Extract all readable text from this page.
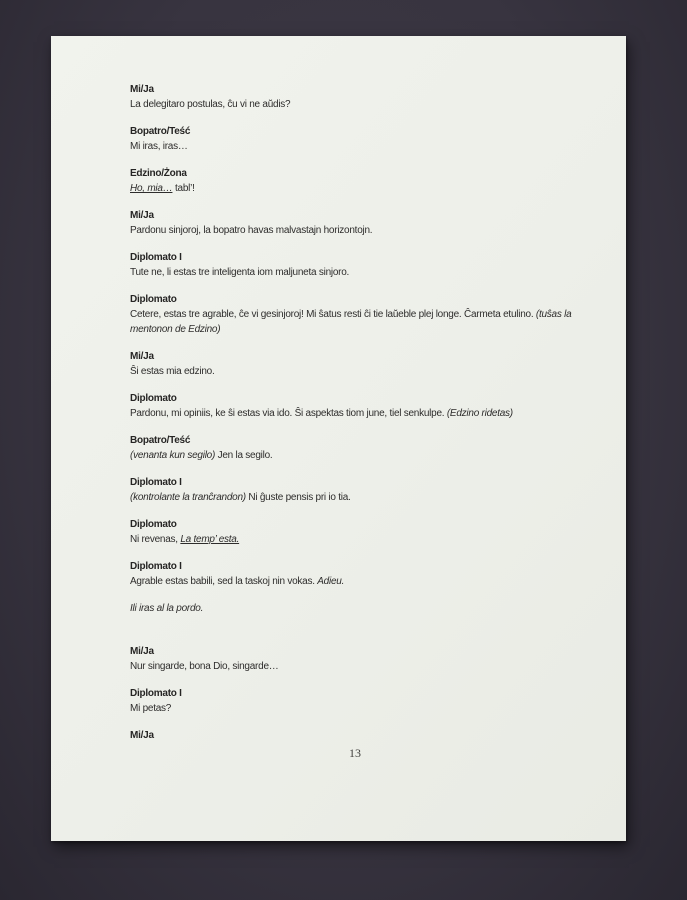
Mi/Ja

La delegitaro postulas, ĉu vi ne aŭdis?

Bopatro/Teść

Mi iras, iras…

Edzino/Żona

Ho, mia… tabl’!

Mi/Ja

Pardonu sinjoroj, la bopatro havas malvastajn horizontojn.

Diplomato I

Tute ne, li estas tre inteligenta iom maljuneta sinjoro.

Diplomato

Cetere, estas tre agrable, ĉe vi gesinjoroj! Mi ŝatus resti ĉi tie laŭeble plej longe. Ĉarmeta etulino. (tuŝas la mentonon de Edzino)

Mi/Ja

Ŝi estas mia edzino.

Diplomato

Pardonu, mi opiniis, ke ŝi estas via ido. Ŝi aspektas tiom june, tiel senkulpe. (Edzino ridetas)

Bopatro/Teść

(venanta kun segilo) Jen la segilo.

Diplomato I

(kontrolante la tranĉrandon) Ni ĝuste pensis pri io tia.

Diplomato

Ni revenas, La temp’ esta.

Diplomato I

Agrable estas babili, sed la taskoj nin vokas. Adieu.

Ili iras al la pordo.

Mi/Ja

Nur singarde, bona Dio, singarde…

Diplomato I

Mi petas?

Mi/Ja

13
